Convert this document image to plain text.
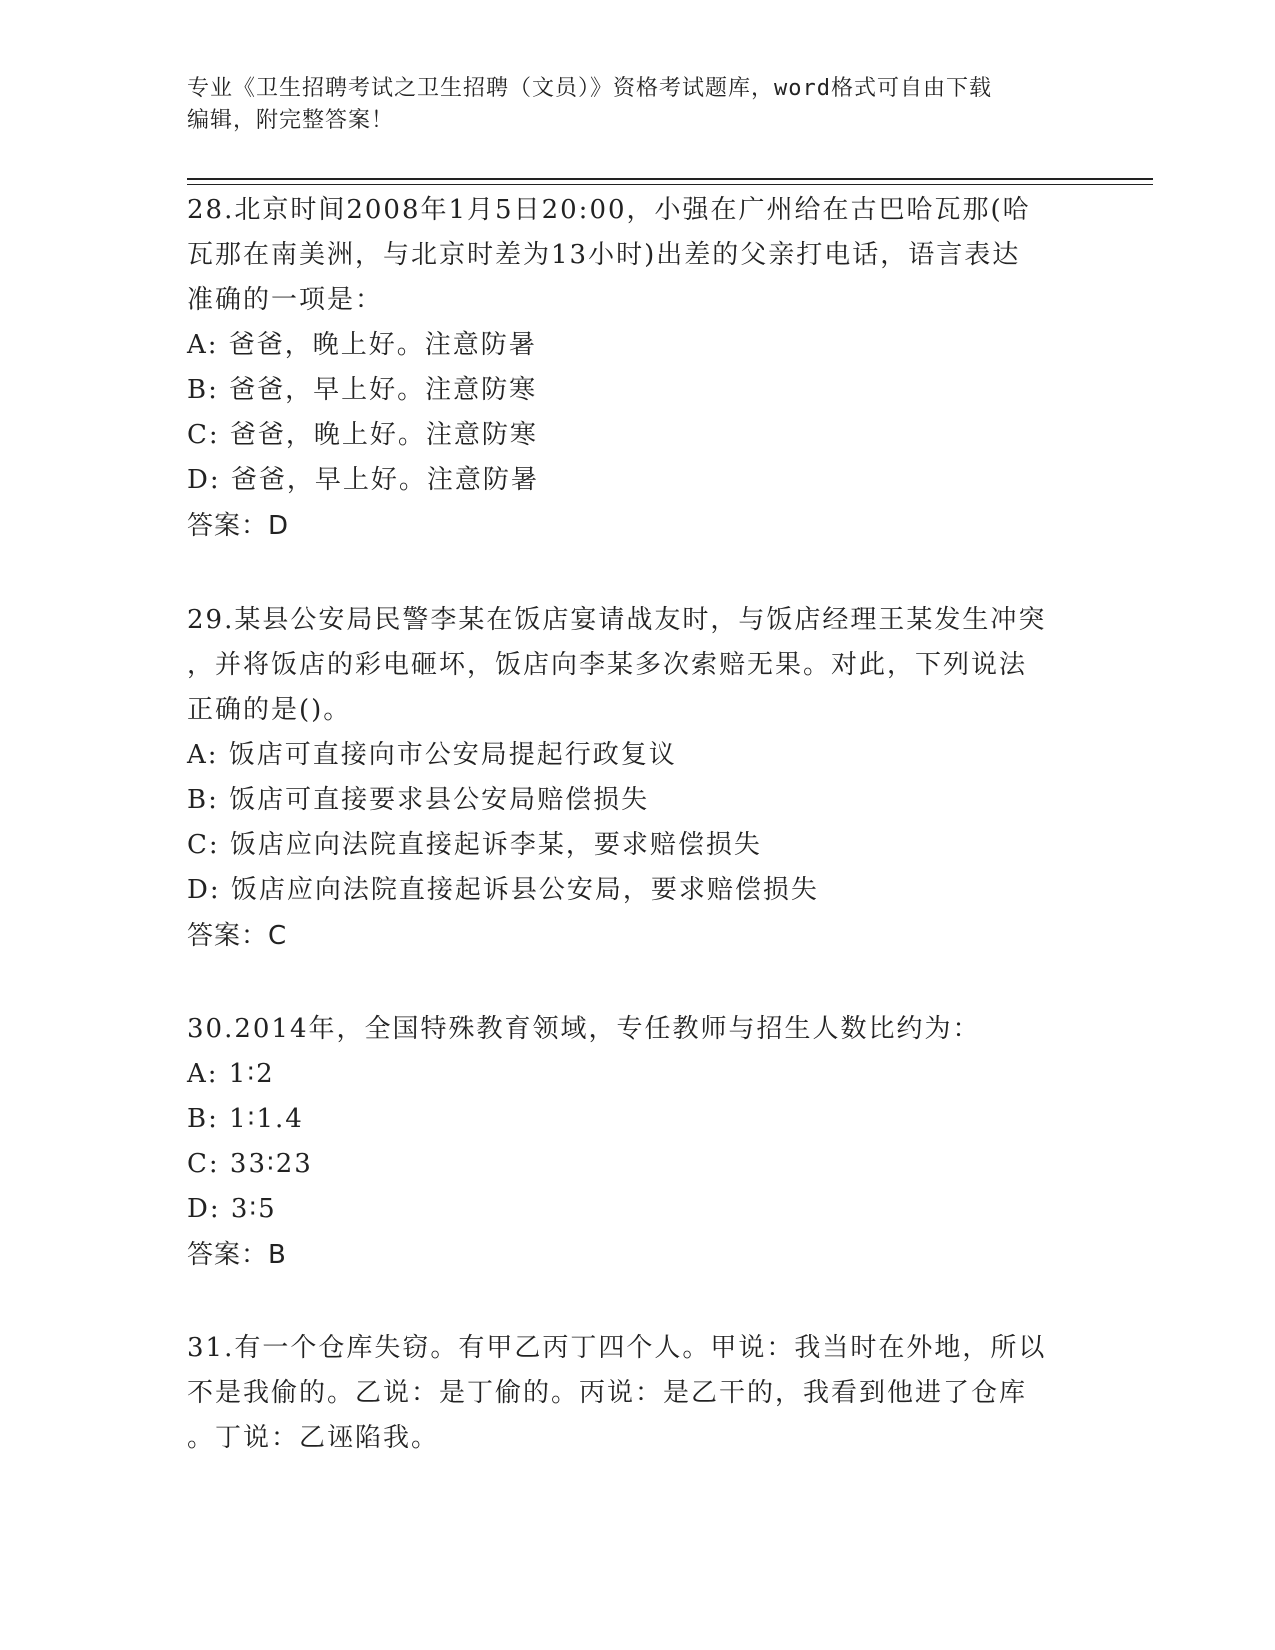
专业《卫生招聘考试之卫生招聘（文员）》资格考试题库，word格式可自由下载
编辑，附完整答案！
28.北京时间2008年1月5日20:00，小强在广州给在古巴哈瓦那(哈
瓦那在南美洲，与北京时差为13小时)出差的父亲打电话，语言表达
准确的一项是：
A: 爸爸，晚上好。注意防暑
B: 爸爸，早上好。注意防寒
C: 爸爸，晚上好。注意防寒
D: 爸爸，早上好。注意防暑
答案：D
29.某县公安局民警李某在饭店宴请战友时，与饭店经理王某发生冲突
，并将饭店的彩电砸坏，饭店向李某多次索赔无果。对此，下列说法
正确的是()。
A: 饭店可直接向市公安局提起行政复议
B: 饭店可直接要求县公安局赔偿损失
C: 饭店应向法院直接起诉李某，要求赔偿损失
D: 饭店应向法院直接起诉县公安局，要求赔偿损失
答案：C
30.2014年，全国特殊教育领域，专任教师与招生人数比约为：
A: 1∶2
B: 1∶1.4
C: 33∶23
D: 3∶5
答案：B
31.有一个仓库失窃。有甲乙丙丁四个人。甲说：我当时在外地，所以
不是我偷的。乙说：是丁偷的。丙说：是乙干的，我看到他进了仓库
。丁说：乙诬陷我。
